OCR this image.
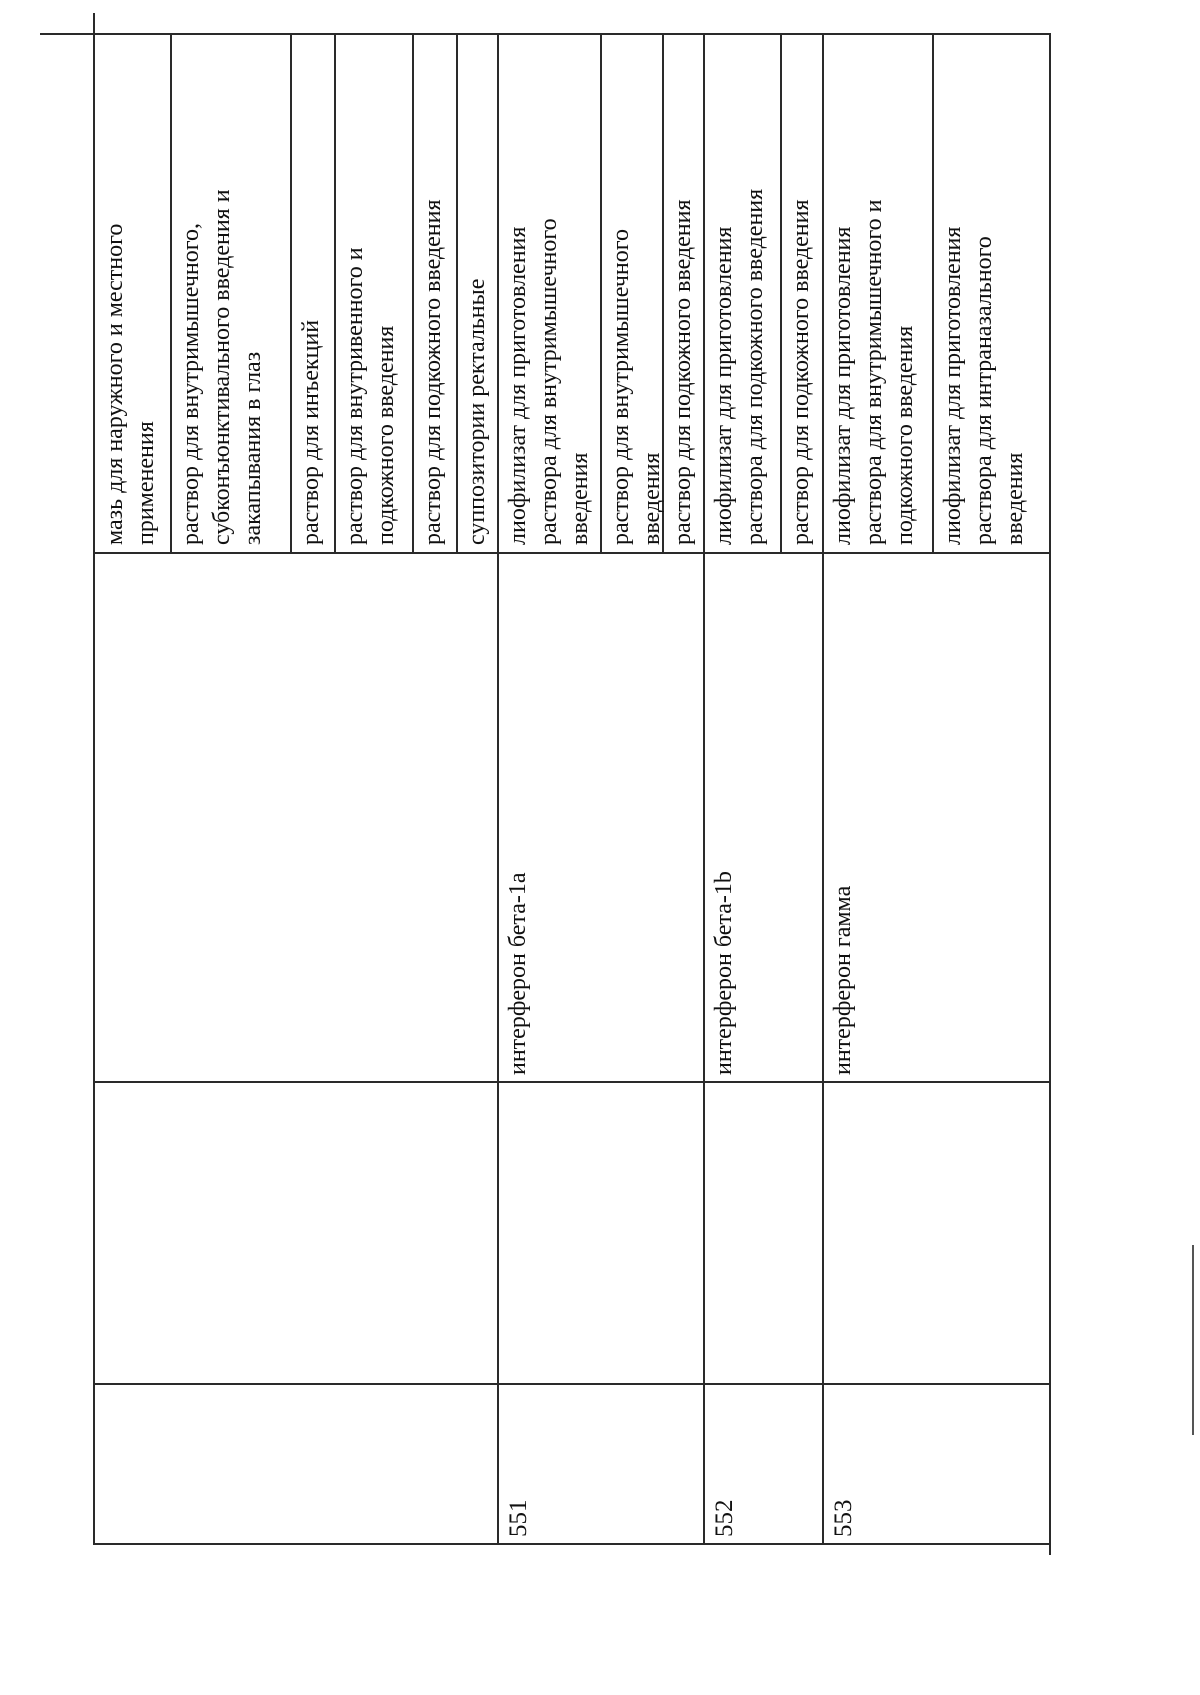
мазь для наружного и местного
применения раствор для внутримышечного,
субконъюнктивального введения и
закапывания в глаз раствор для инъекций раствор для внутривенного и
подкожного введения раствор для подкожного введения суппозитории ректальные
551
интерферон бета-1a
лиофилизат для приготовления
раствора для внутримышечного
введения раствор для внутримышечного
введения раствор для подкожного введения
552
интерферон бета-1b
лиофилизат для приготовления
раствора для подкожного введения раствор для подкожного введения
553
интерферон гамма
лиофилизат для приготовления
раствора для внутримышечного и
подкожного введения
лиофилизат для приготовления
раствора для интраназального
введения
